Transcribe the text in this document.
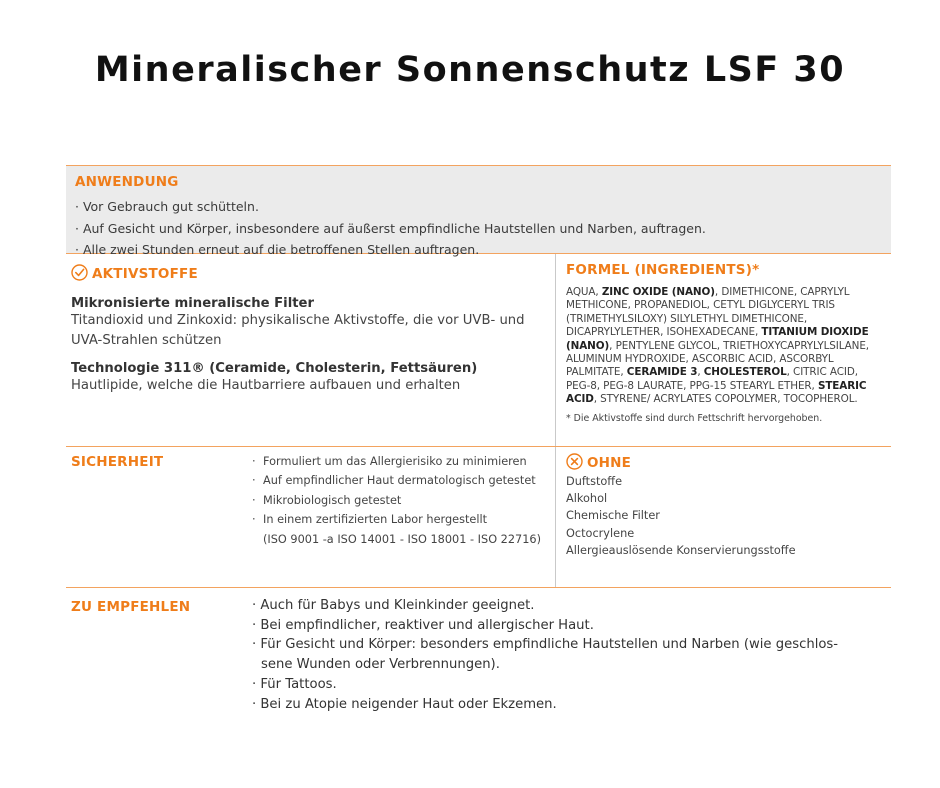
Mineralischer Sonnenschutz LSF 30
ANWENDUNG
· Vor Gebrauch gut schütteln.
· Auf Gesicht und Körper, insbesondere auf äußerst empfindliche Hautstellen und Narben, auftragen.
· Alle zwei Stunden erneut auf die betroffenen Stellen auftragen.
AKTIVSTOFFE
Mikronisierte mineralische Filter
Titandioxid und Zinkoxid: physikalische Aktivstoffe, die vor UVB- und UVA-Strahlen schützen
Technologie 311® (Ceramide, Cholesterin, Fettsäuren)
Hautlipide, welche die Hautbarriere aufbauen und erhalten
FORMEL (INGREDIENTS)*
AQUA, ZINC OXIDE (NANO), DIMETHICONE, CAPRYLYL METHICONE, PROPANEDIOL, CETYL DIGLYCERYL TRIS (TRIMETHYLSILOXY) SILYLETHYL DIMETHICONE, DICAPRYLYLETHER, ISOHEXADECANE, TITANIUM DIOXIDE (NANO), PENTYLENE GLYCOL, TRIETHOXYCAPRYLYLSILANE, ALUMINUM HYDROXIDE, ASCORBIC ACID, ASCORBYL PALMITATE, CERAMIDE 3, CHOLESTEROL, CITRIC ACID, PEG-8, PEG-8 LAURATE, PPG-15 STEARYL ETHER, STEARIC ACID, STYRENE/ ACRYLATES COPOLYMER, TOCOPHEROL.
* Die Aktivstoffe sind durch Fettschrift hervorgehoben.
SICHERHEIT	· Formuliert um das Allergierisiko zu minimieren
· Auf empfindlicher Haut dermatologisch getestet
· Mikrobiologisch getestet
· In einem zertifizierten Labor hergestellt
(ISO 9001 -a ISO 14001 - ISO 18001 - ISO 22716)
OHNE
Duftstoffe
Alkohol
Chemische Filter
Octocrylene
Allergieauslösende Konservierungsstoffe
ZU EMPFEHLEN	· Auch für Babys und Kleinkinder geeignet.
· Bei empfindlicher, reaktiver und allergischer Haut.
· Für Gesicht und Körper: besonders empfindliche Hautstellen und Narben (wie geschlos-
sene Wunden oder Verbrennungen).
· Für Tattoos.
· Bei zu Atopie neigender Haut oder Ekzemen.
